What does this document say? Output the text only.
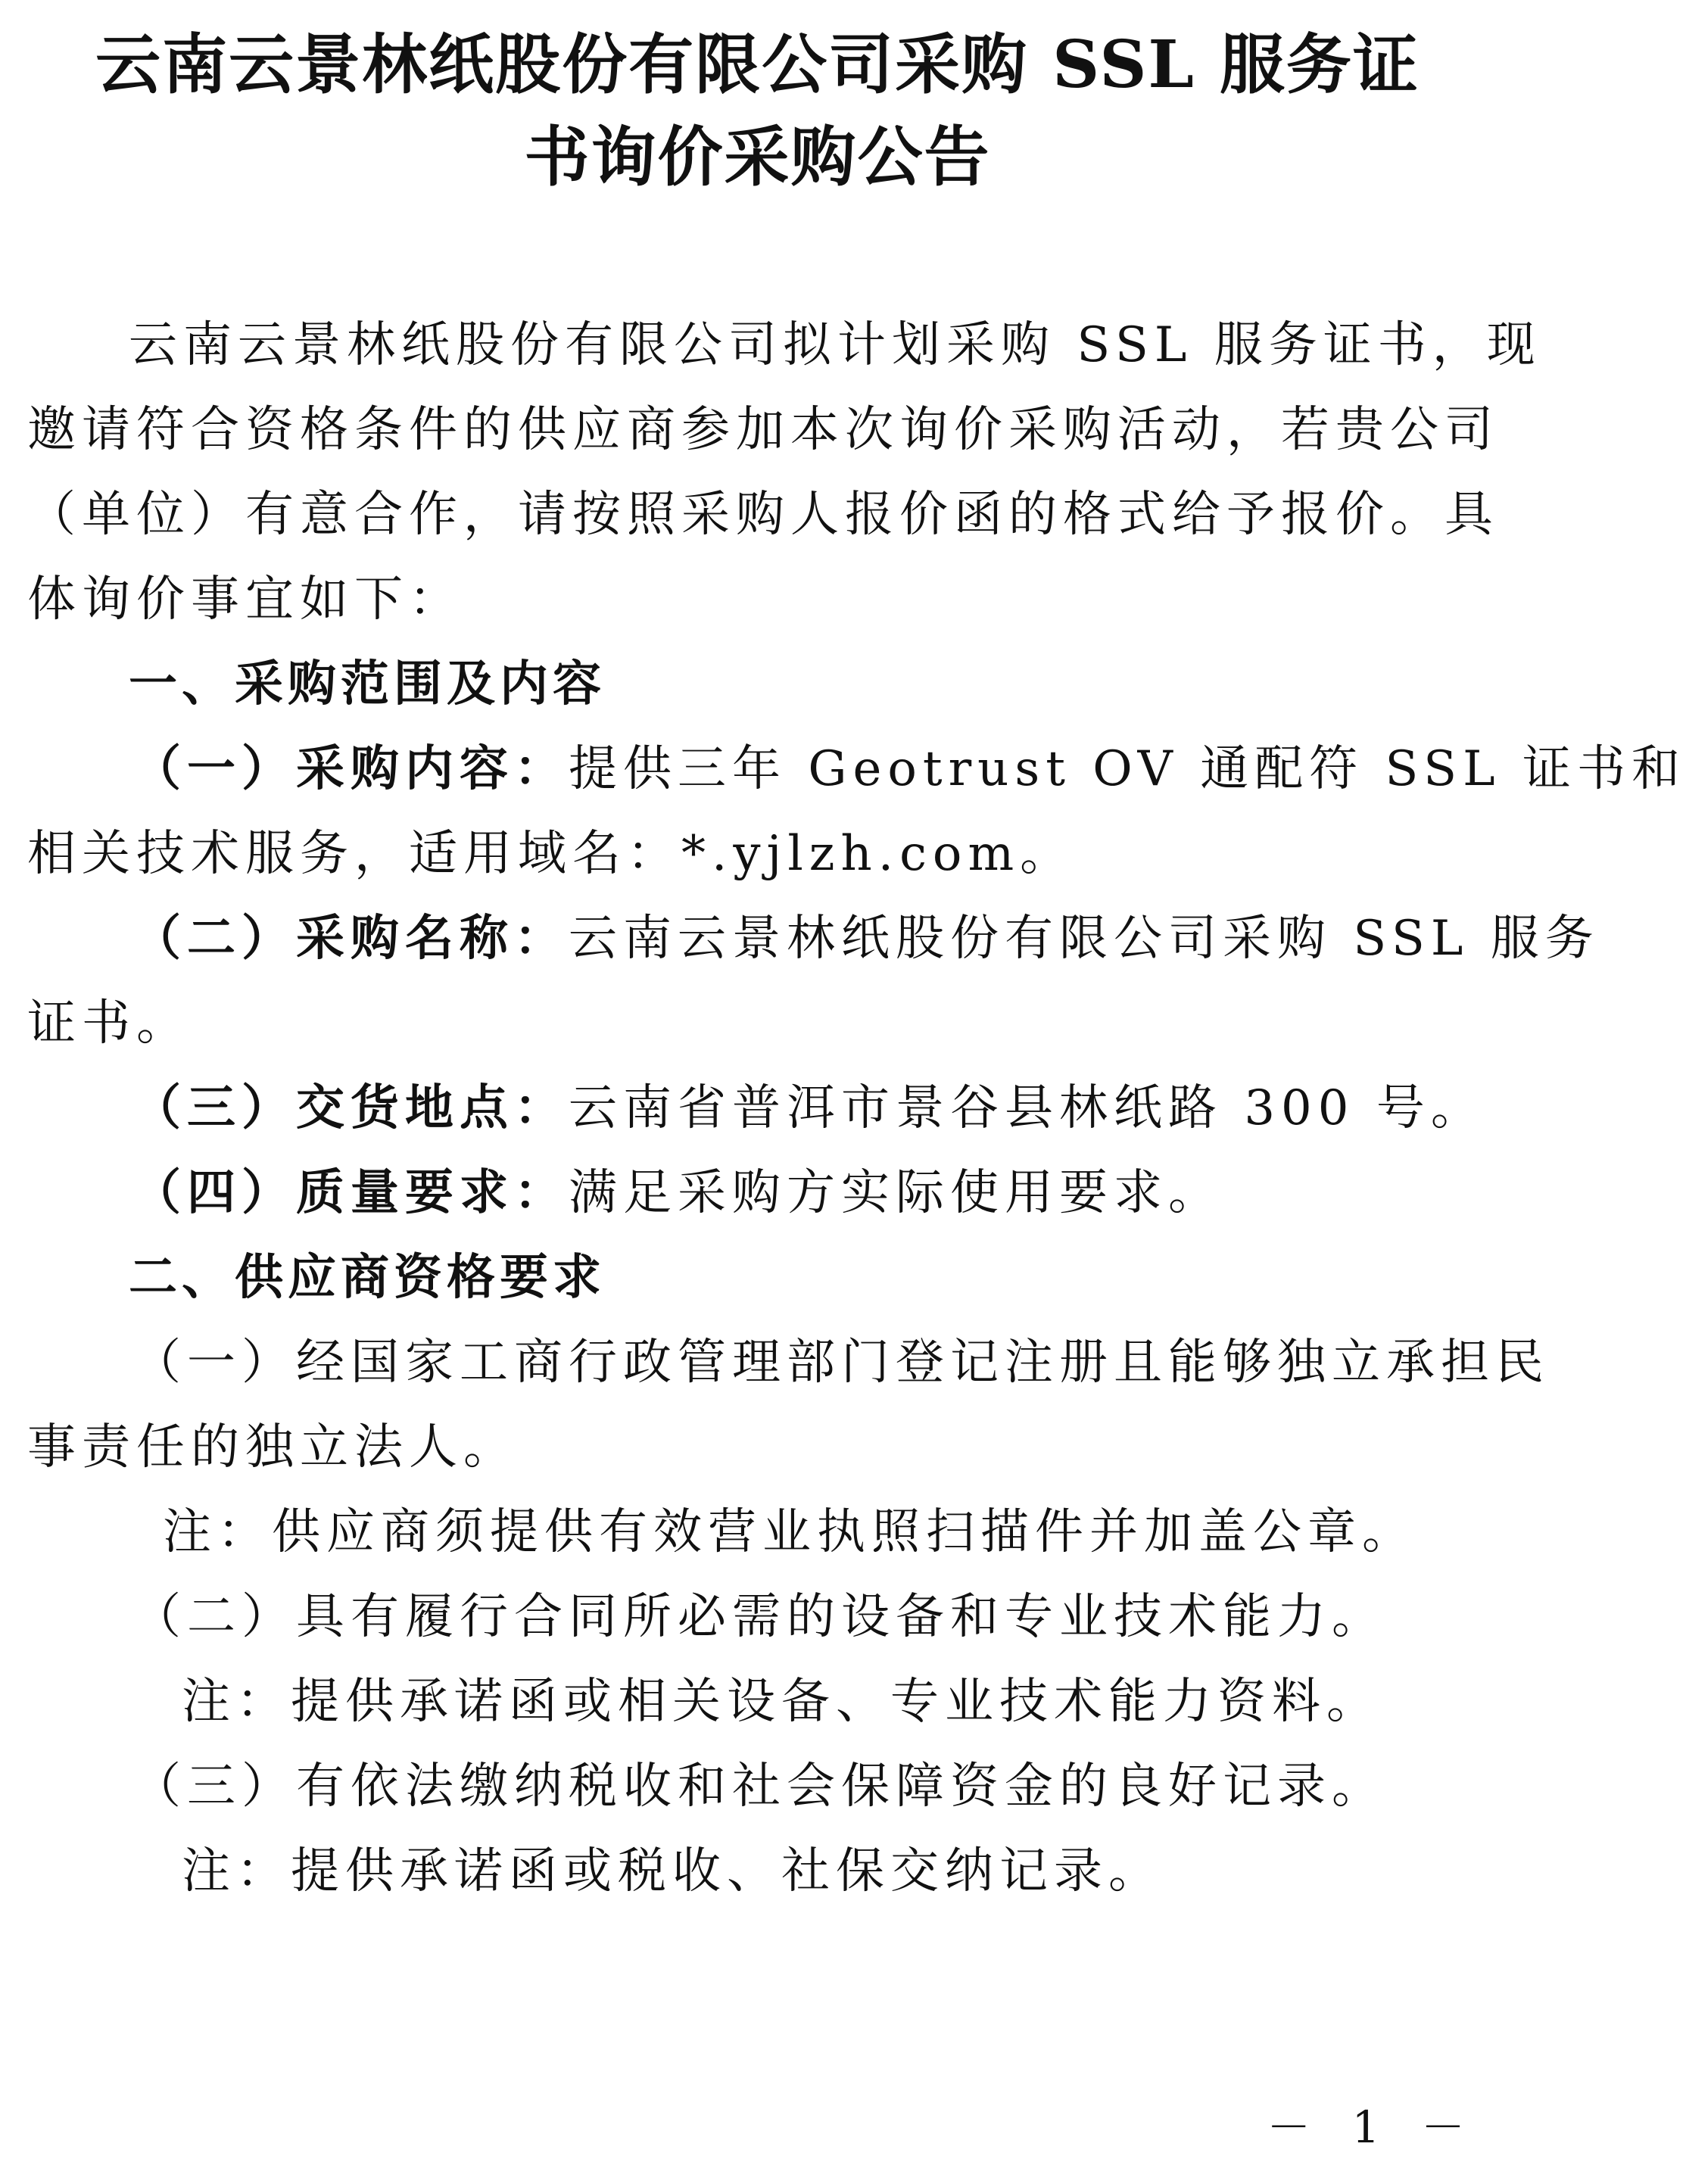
云南云景林纸股份有限公司采购 SSL 服务证
书询价采购公告
云南云景林纸股份有限公司拟计划采购 SSL 服务证书，现
邀请符合资格条件的供应商参加本次询价采购活动，若贵公司
（单位）有意合作，请按照采购人报价函的格式给予报价。具
体询价事宜如下：
一、采购范围及内容
（一）采购内容：提供三年 Geotrust OV 通配符 SSL 证书和
相关技术服务，适用域名：*.yjlzh.com。
（二）采购名称：云南云景林纸股份有限公司采购 SSL 服务
证书。
（三）交货地点：云南省普洱市景谷县林纸路 300 号。
（四）质量要求：满足采购方实际使用要求。
二、供应商资格要求
（一）经国家工商行政管理部门登记注册且能够独立承担民
事责任的独立法人。
注：供应商须提供有效营业执照扫描件并加盖公章。
（二）具有履行合同所必需的设备和专业技术能力。
注：提供承诺函或相关设备、专业技术能力资料。
（三）有依法缴纳税收和社会保障资金的良好记录。
注：提供承诺函或税收、社保交纳记录。
－ 1 －
